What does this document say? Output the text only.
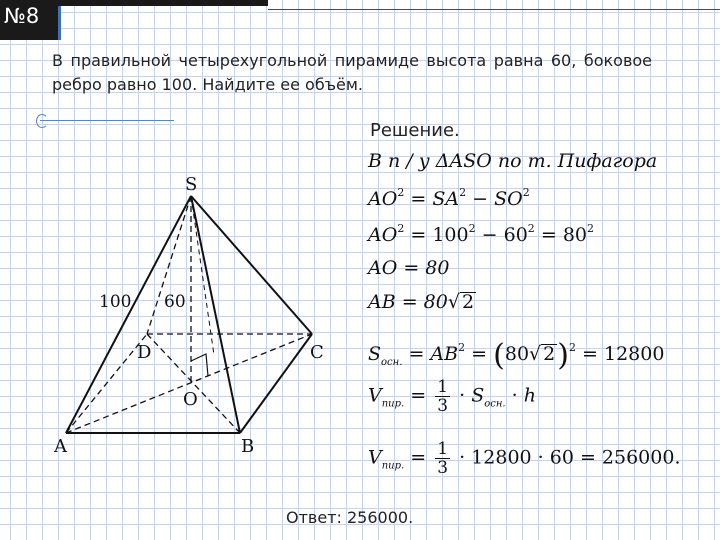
№8
В правильной четырехугольной пирамиде высота равна 60, боковое ребро равно 100. Найдите ее объём.
S
A	B
C
D
O
100 60
Решение.
В п / у ΔASO по т. Пифагора
$AO^2 = SA^2 - SO^2$
$AO^2 = 100^2 - 60^2 = 80^2$
AO = 80
AB = 80√ 2
$S_{осн.} = AB^2 = (80√$ 2)$^2$ = 12800
$V_{пир.} = \frac{1}{3} \cdot S_{осн.} \cdot h$
$V_{пир.} = \frac{1}{3} \cdot 12800 \cdot 60 = 256000$.
Ответ: 256000.
